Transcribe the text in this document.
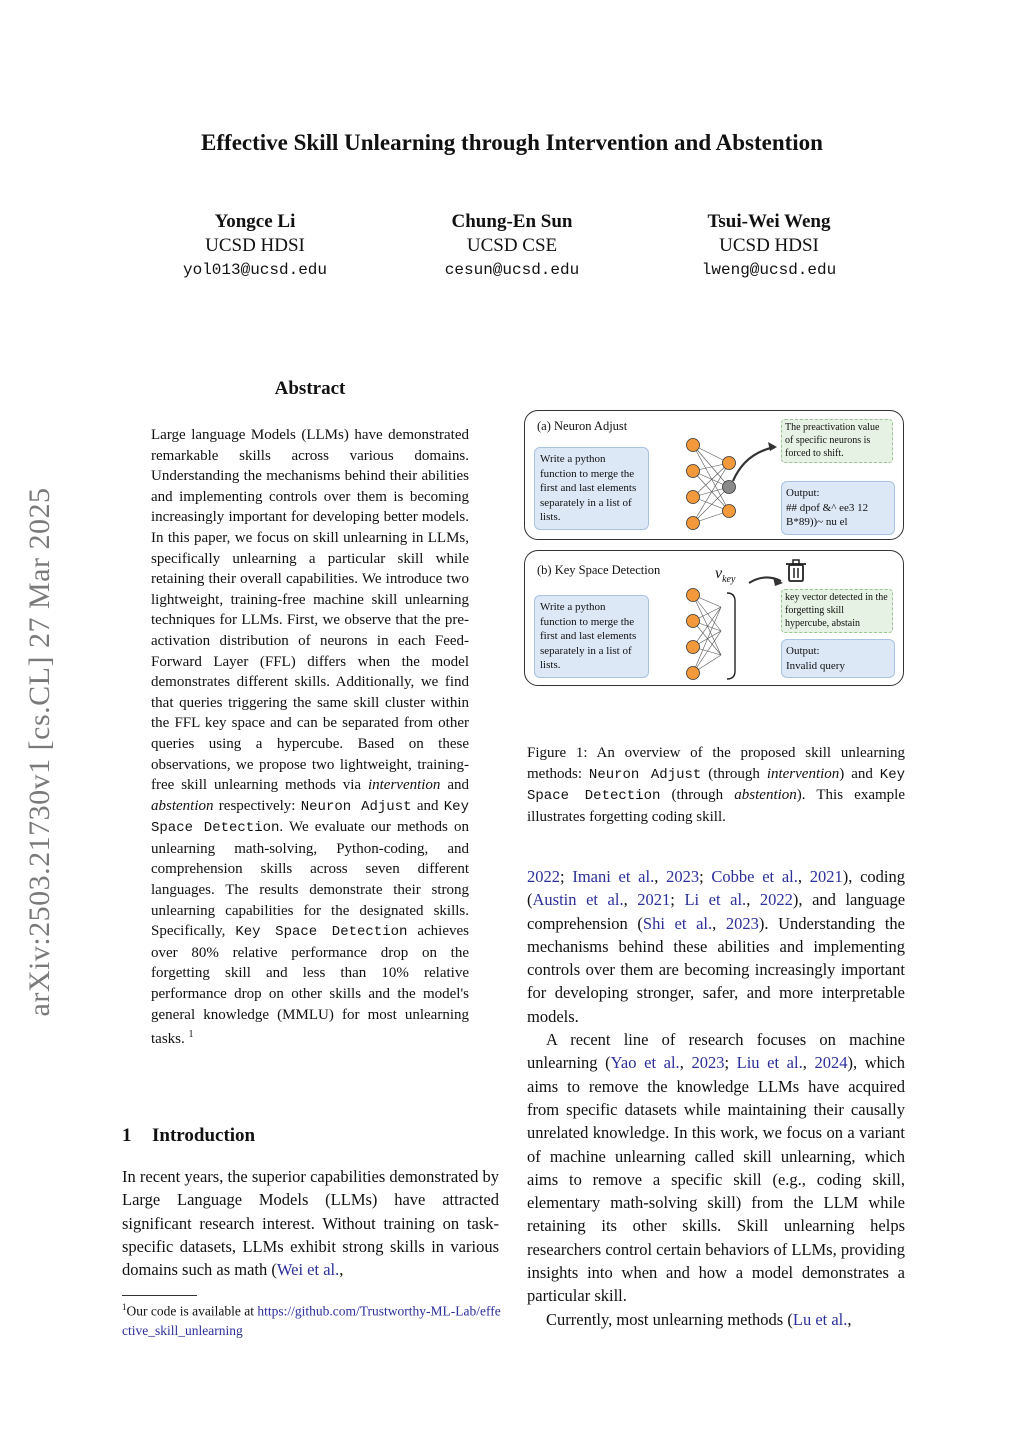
Effective Skill Unlearning through Intervention and Abstention
Yongce Li
UCSD HDSI
yol013@ucsd.edu
Chung-En Sun
UCSD CSE
cesun@ucsd.edu
Tsui-Wei Weng
UCSD HDSI
lweng@ucsd.edu
arXiv:2503.21730v1 [cs.CL] 27 Mar 2025
Abstract
Large language Models (LLMs) have demonstrated remarkable skills across various domains. Understanding the mechanisms behind their abilities and implementing controls over them is becoming increasingly important for developing better models. In this paper, we focus on skill unlearning in LLMs, specifically unlearning a particular skill while retaining their overall capabilities. We introduce two lightweight, training-free machine skill unlearning techniques for LLMs. First, we observe that the pre-activation distribution of neurons in each Feed-Forward Layer (FFL) differs when the model demonstrates different skills. Additionally, we find that queries triggering the same skill cluster within the FFL key space and can be separated from other queries using a hypercube. Based on these observations, we propose two lightweight, training-free skill unlearning methods via intervention and abstention respectively: Neuron Adjust and Key Space Detection. We evaluate our methods on unlearning math-solving, Python-coding, and comprehension skills across seven different languages. The results demonstrate their strong unlearning capabilities for the designated skills. Specifically, Key Space Detection achieves over 80% relative performance drop on the forgetting skill and less than 10% relative performance drop on other skills and the model's general knowledge (MMLU) for most unlearning tasks. $^1$
1 Introduction
In recent years, the superior capabilities demonstrated by Large Language Models (LLMs) have attracted significant research interest. Without training on task-specific datasets, LLMs exhibit strong skills in various domains such as math (Wei et al.,
$^1$Our code is available at https://github.com/Trustworthy-ML-Lab/effective_skill_unlearning
(a) Neuron Adjust
Write a python function to merge the first and last elements separately in a list of lists.
The preactivation value of specific neurons is forced to shift.
Output:
## dpof &^ ee3 12 B*89))~ nu el
(b) Key Space Detection
Write a python function to merge the first and last elements separately in a list of lists.
$v_{key}$
key vector detected in the forgetting skill hypercube, abstain
Output:
Invalid query
Figure 1: An overview of the proposed skill unlearning methods: Neuron Adjust (through intervention) and Key Space Detection (through abstention). This example illustrates forgetting coding skill.

2022; Imani et al., 2023; Cobbe et al., 2021), coding (Austin et al., 2021; Li et al., 2022), and language comprehension (Shi et al., 2023). Understanding the mechanisms behind these abilities and implementing controls over them are becoming increasingly important for developing stronger, safer, and more interpretable models.

A recent line of research focuses on machine unlearning (Yao et al., 2023; Liu et al., 2024), which aims to remove the knowledge LLMs have acquired from specific datasets while maintaining their causally unrelated knowledge. In this work, we focus on a variant of machine unlearning called skill unlearning, which aims to remove a specific skill (e.g., coding skill, elementary math-solving skill) from the LLM while retaining its other skills. Skill unlearning helps researchers control certain behaviors of LLMs, providing insights into when and how a model demonstrates a particular skill.

Currently, most unlearning methods (Lu et al.,
